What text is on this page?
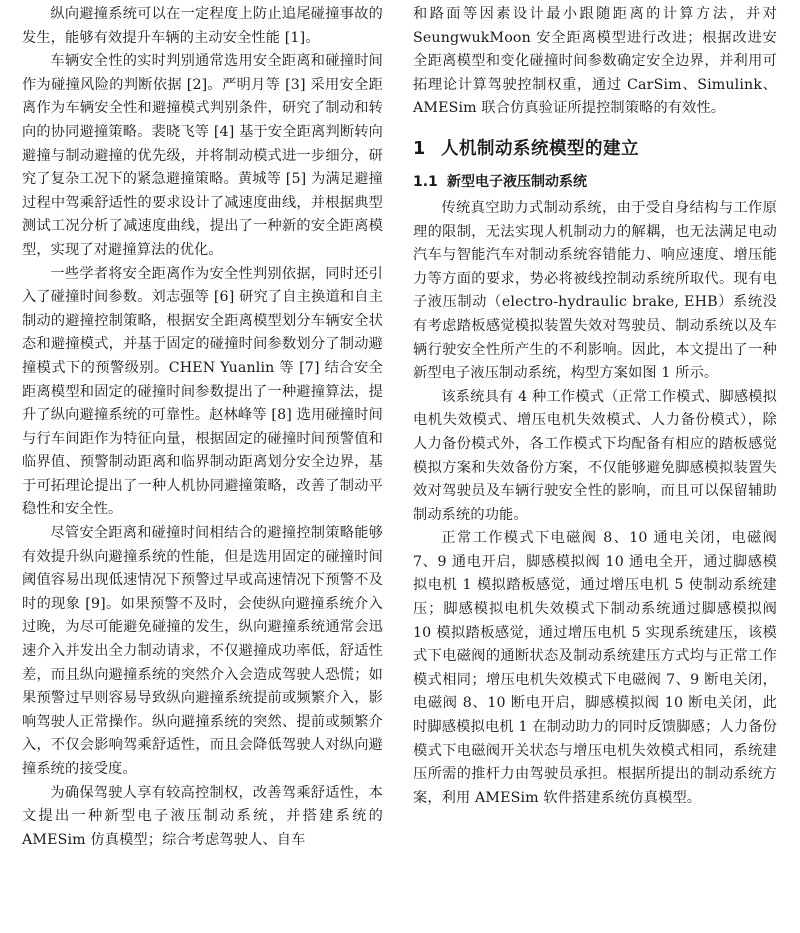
纵向避撞系统可以在一定程度上防止追尾碰撞事故的发生，能够有效提升车辆的主动安全性能 [1]。

车辆安全性的实时判别通常选用安全距离和碰撞时间作为碰撞风险的判断依据 [2]。严明月等 [3] 采用安全距离作为车辆安全性和避撞模式判别条件，研究了制动和转向的协同避撞策略。裴晓飞等 [4] 基于安全距离判断转向避撞与制动避撞的优先级，并将制动模式进一步细分，研究了复杂工况下的紧急避撞策略。黄城等 [5] 为满足避撞过程中驾乘舒适性的要求设计了减速度曲线，并根据典型测试工况分析了减速度曲线，提出了一种新的安全距离模型，实现了对避撞算法的优化。

一些学者将安全距离作为安全性判别依据，同时还引入了碰撞时间参数。刘志强等 [6] 研究了自主换道和自主制动的避撞控制策略，根据安全距离模型划分车辆安全状态和避撞模式，并基于固定的碰撞时间参数划分了制动避撞模式下的预警级别。CHEN Yuanlin 等 [7] 结合安全距离模型和固定的碰撞时间参数提出了一种避撞算法，提升了纵向避撞系统的可靠性。赵林峰等 [8] 选用碰撞时间与行车间距作为特征向量，根据固定的碰撞时间预警值和临界值、预警制动距离和临界制动距离划分安全边界，基于可拓理论提出了一种人机协同避撞策略，改善了制动平稳性和安全性。

尽管安全距离和碰撞时间相结合的避撞控制策略能够有效提升纵向避撞系统的性能，但是选用固定的碰撞时间阈值容易出现低速情况下预警过早或高速情况下预警不及时的现象 [9]。如果预警不及时，会使纵向避撞系统介入过晚，为尽可能避免碰撞的发生，纵向避撞系统通常会迅速介入并发出全力制动请求，不仅避撞成功率低，舒适性差，而且纵向避撞系统的突然介入会造成驾驶人恐慌；如果预警过早则容易导致纵向避撞系统提前或频繁介入，影响驾驶人正常操作。纵向避撞系统的突然、提前或频繁介入，不仅会影响驾乘舒适性，而且会降低驾驶人对纵向避撞系统的接受度。

为确保驾驶人享有较高控制权，改善驾乘舒适性，本文提出一种新型电子液压制动系统，并搭建系统的 AMESim 仿真模型；综合考虑驾驶人、自车

和路面等因素设计最小跟随距离的计算方法，并对 SeungwukMoon 安全距离模型进行改进；根据改进安全距离模型和变化碰撞时间参数确定安全边界，并利用可拓理论计算驾驶控制权重，通过 CarSim、Simulink、AMESim 联合仿真验证所提控制策略的有效性。

1 人机制动系统模型的建立
1.1 新型电子液压制动系统

传统真空助力式制动系统，由于受自身结构与工作原理的限制，无法实现人机制动力的解耦，也无法满足电动汽车与智能汽车对制动系统容错能力、响应速度、增压能力等方面的要求，势必将被线控制动系统所取代。现有电子液压制动（electro-hydraulic brake, EHB）系统没有考虑踏板感觉模拟装置失效对驾驶员、制动系统以及车辆行驶安全性所产生的不利影响。因此，本文提出了一种新型电子液压制动系统，构型方案如图 1 所示。

该系统具有 4 种工作模式（正常工作模式、脚感模拟电机失效模式、增压电机失效模式、人力备份模式），除人力备份模式外，各工作模式下均配备有相应的踏板感觉模拟方案和失效备份方案，不仅能够避免脚感模拟装置失效对驾驶员及车辆行驶安全性的影响，而且可以保留辅助制动系统的功能。

正常工作模式下电磁阀 8、10 通电关闭，电磁阀 7、9 通电开启，脚感模拟阀 10 通电全开，通过脚感模拟电机 1 模拟踏板感觉，通过增压电机 5 使制动系统建压；脚感模拟电机失效模式下制动系统通过脚感模拟阀 10 模拟踏板感觉，通过增压电机 5 实现系统建压，该模式下电磁阀的通断状态及制动系统建压方式均与正常工作模式相同；增压电机失效模式下电磁阀 7、9 断电关闭，电磁阀 8、10 断电开启，脚感模拟阀 10 断电关闭，此时脚感模拟电机 1 在制动助力的同时反馈脚感；人力备份模式下电磁阀开关状态与增压电机失效模式相同，系统建压所需的推杆力由驾驶员承担。根据所提出的制动系统方案，利用 AMESim 软件搭建系统仿真模型。
